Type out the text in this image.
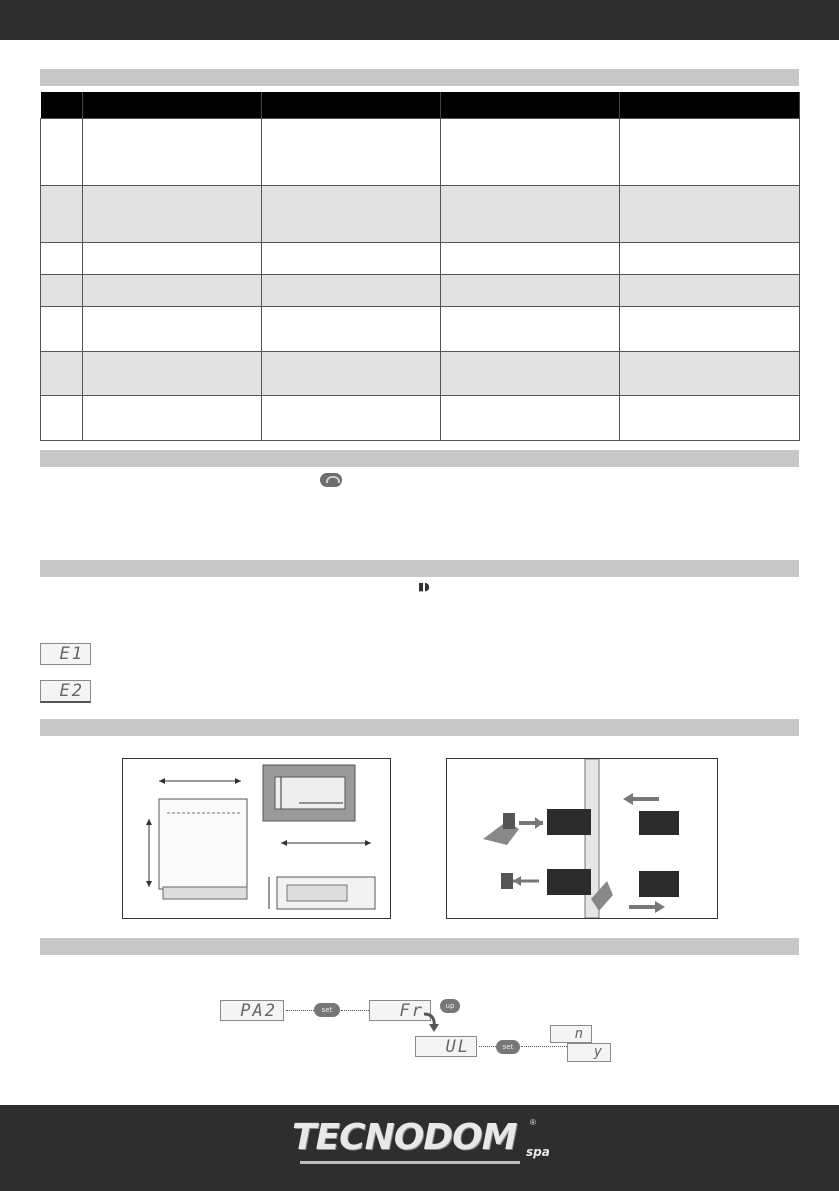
▮◗
E1
E2
PA2	set	Fr	up
UL	set
n
y
TECNODOM ®
spa
